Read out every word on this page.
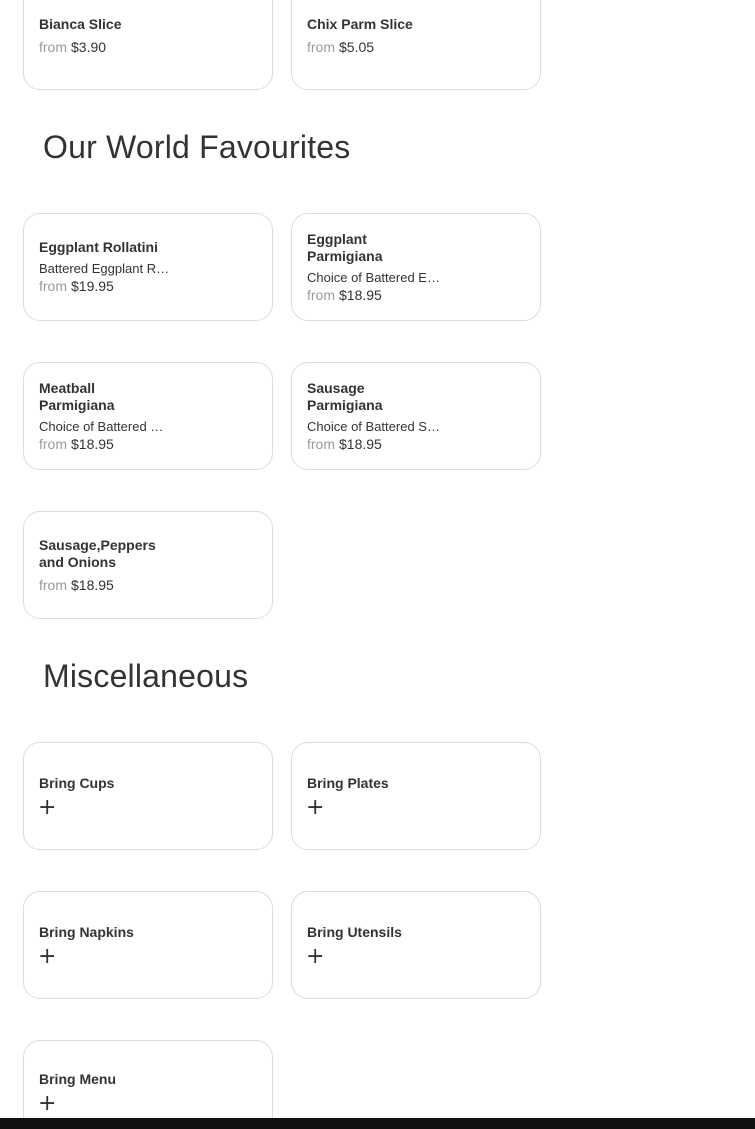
Bianca Slice
from $3.90
Chix Parm Slice
from $5.05
Our World Favourites
Eggplant Rollatini
Battered Eggplant R…
from $19.95
Eggplant Parmigiana
Choice of Battered E…
from $18.95
Meatball Parmigiana
Choice of Battered …
from $18.95
Sausage Parmigiana
Choice of Battered S…
from $18.95
Sausage,Peppers and Onions
from $18.95
Miscellaneous
Bring Cups
+
Bring Plates
+
Bring Napkins
+
Bring Utensils
+
Bring Menu
+
